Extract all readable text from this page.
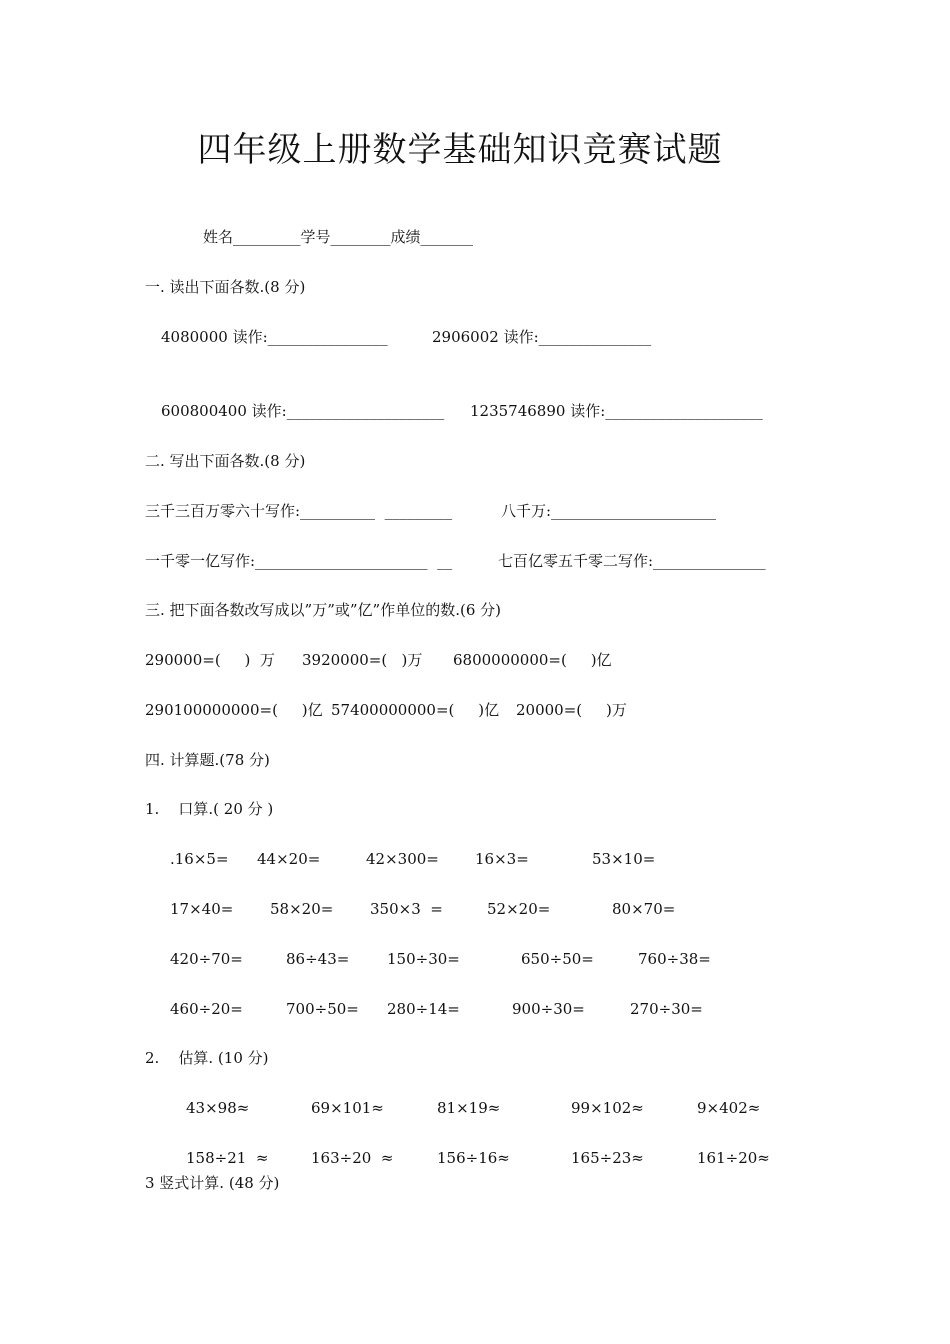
四年级上册数学基础知识竞赛试题
姓名_________学号________成绩_______
一. 读出下面各数.(8 分)
4080000 读作:________________	2906002 读作:_______________
600800400 读作:_____________________ 1235746890 读作:_____________________
二. 写出下面各数.(8 分)
三千三百万零六十写作:__________  _________	八千万:______________________
一千零一亿写作:_______________________  __	七百亿零五千零二写作:_______________
三. 把下面各数改写成以”万”或”亿”作单位的数.(6 分)
290000=(     )  万 3920000=(   )万 6800000000=(     )亿
290100000000=(     )亿 57400000000=(     )亿 20000=(     )万
四. 计算题.(78 分)
1.    口算.( 20 分 )
.16×5= 44×20=	42×300= 16×3=	53×10=
17×40= 58×20= 350×3  =	52×20=	80×70=
420÷70=	86÷43=	150÷30=	650÷50=	760÷38=
460÷20=	700÷50= 280÷14=	900÷30=	270÷30=
2.    估算. (10 分)
43×98≈	69×101≈	81×19≈	99×102≈	9×402≈
158÷21  ≈	163÷20  ≈	156÷16≈	165÷23≈	161÷20≈
3 竖式计算. (48 分)
